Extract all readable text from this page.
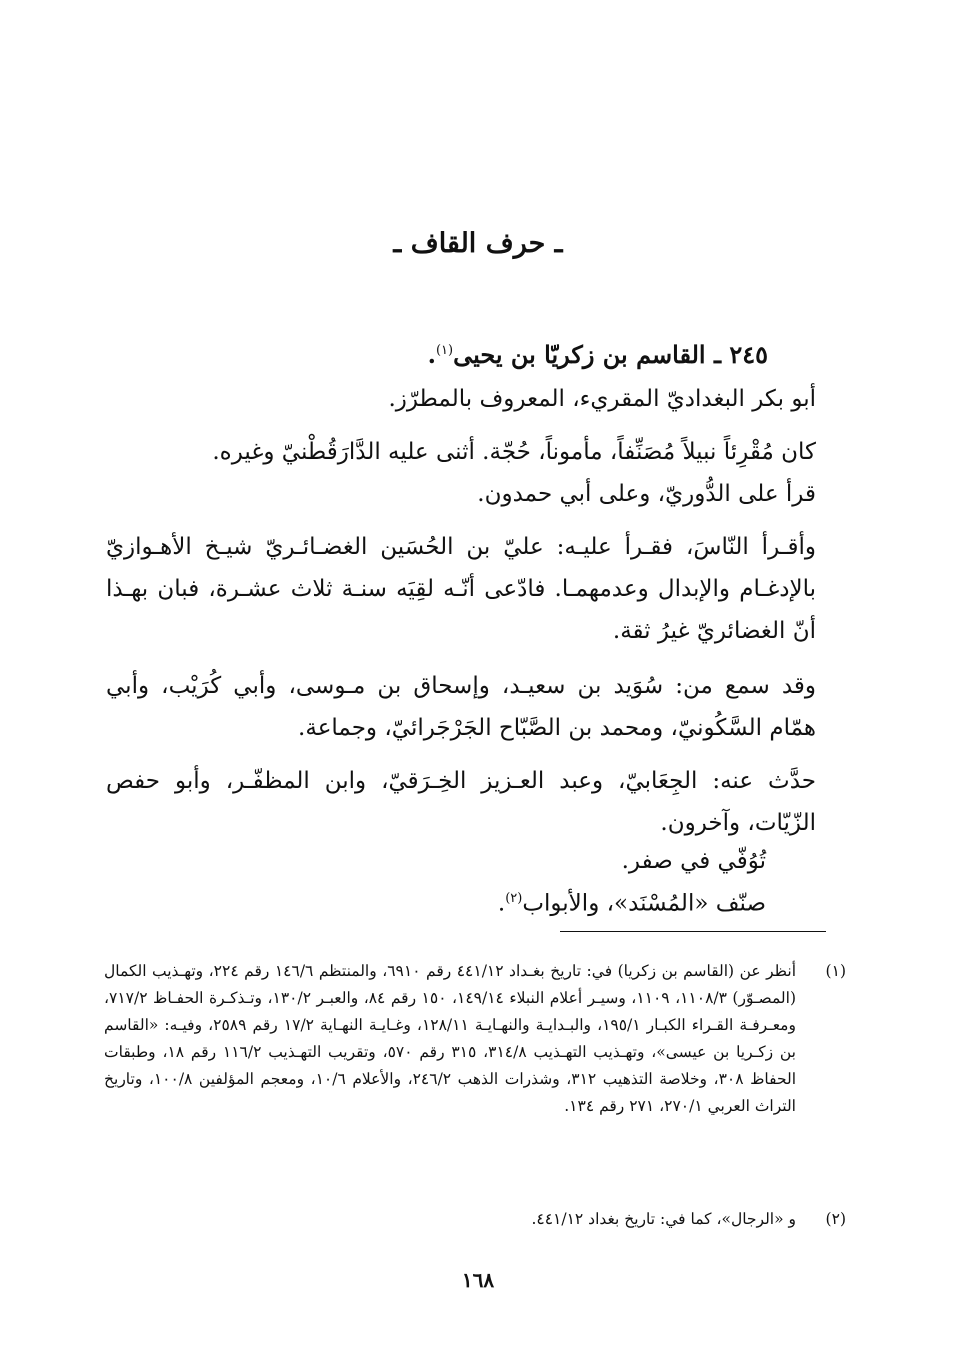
ـ حرف القاف ـ

٢٤٥ ـ القاسم بن زكريّا بن يحيى$^{(١)}$.

أبو بكر البغداديّ المقريء، المعروف بالمطرّز.

كان مُقْرِئاً نبيلاً مُصَنِّفاً، مأموناً، حُجّة. أثنى عليه الدَّارَقُطْنيّ وغيره.

قرأ على الدُّوريّ، وعلى أبي حمدون.

وأقـرأ النّاسَ، فقـرأ عليـه: عليّ بن الحُسَين الغضـائـريّ شيـخ الأهـوازيّ بالإدغـام والإبدال وعدمهمـا. فادّعى أنّـه لقِيَه سنـة ثلاث عشـرة، فبان بهـذا أنّ الغضائريّ غيرُ ثقة.

وقد سمع من: سُوَيد بن سعيـد، وإسحاق بن مـوسى، وأبي كُرَيْب، وأبي همّام السَّكُونيّ، ومحمد بن الصَّبّاح الجَرْجَرائيّ، وجماعة.

حدَّث عنه: الجِعَابيّ، وعبد العـزيز الخِـرَقيّ، وابن المظفّـر، وأبو حفص الزّيّات، وآخرون.

تُوُفّي في صفر.

صنّف «المُسْنَد»، والأبواب$^{(٢)}$.

(١)

أنظر عن (القاسم بن زكريا) في: تاريخ بغـداد ٤٤١/١٢ رقم ٦٩١٠، والمنتظم ١٤٦/٦ رقم ٢٢٤، وتهـذيب الكمال (المصـوّر) ١١٠٨/٣، ١١٠٩، وسيـر أعلام النبلاء ١٤٩/١٤، ١٥٠ رقم ٨٤، والعبـر ١٣٠/٢، وتـذكـرة الحفـاظ ٧١٧/٢، ومعـرفـة القـراء الكبـار ١٩٥/١، والبـدايـة والنهـايـة ١٢٨/١١، وغـايـة النهـاية ١٧/٢ رقم ٢٥٨٩، وفيـه: «القاسم بن زكـريا بن عيسى»، وتهـذيب التهـذيب ٣١٤/٨، ٣١٥ رقم ٥٧٠، وتقريب التهـذيب ١١٦/٢ رقم ١٨، وطبقات الحفاظ ٣٠٨، وخلاصة التذهيب ٣١٢، وشذرات الذهب ٢٤٦/٢، والأعلام ١٠/٦، ومعجم المؤلفين ١٠٠/٨، وتاريخ التراث العربي ٢٧٠/١، ٢٧١ رقم ١٣٤.

(٢)

و «الرجال»، كما في: تاريخ بغداد ٤٤١/١٢.

١٦٨
